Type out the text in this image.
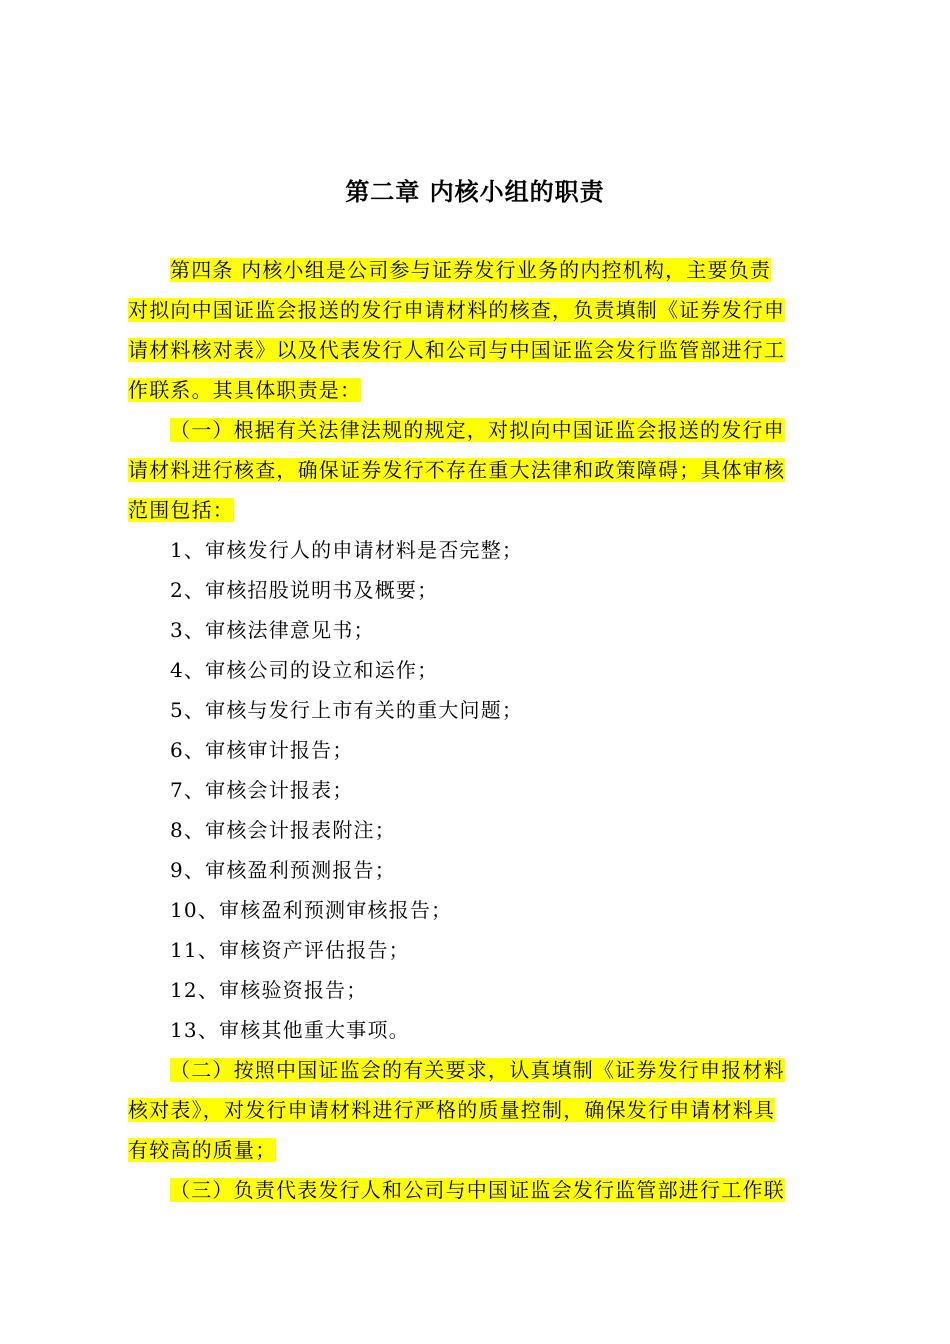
第二章 内核小组的职责
第四条 内核小组是公司参与证券发行业务的内控机构，主要负责
对拟向中国证监会报送的发行申请材料的核查，负责填制《证券发行申
请材料核对表》以及代表发行人和公司与中国证监会发行监管部进行工
作联系。其具体职责是：
（一）根据有关法律法规的规定，对拟向中国证监会报送的发行申
请材料进行核查，确保证券发行不存在重大法律和政策障碍；具体审核
范围包括：
1、审核发行人的申请材料是否完整；
2、审核招股说明书及概要；
3、审核法律意见书；
4、审核公司的设立和运作；
5、审核与发行上市有关的重大问题；
6、审核审计报告；
7、审核会计报表；
8、审核会计报表附注；
9、审核盈利预测报告；
10、审核盈利预测审核报告；
11、审核资产评估报告；
12、审核验资报告；
13、审核其他重大事项。
（二）按照中国证监会的有关要求，认真填制《证券发行申报材料
核对表》，对发行申请材料进行严格的质量控制，确保发行申请材料具
有较高的质量；
（三）负责代表发行人和公司与中国证监会发行监管部进行工作联
